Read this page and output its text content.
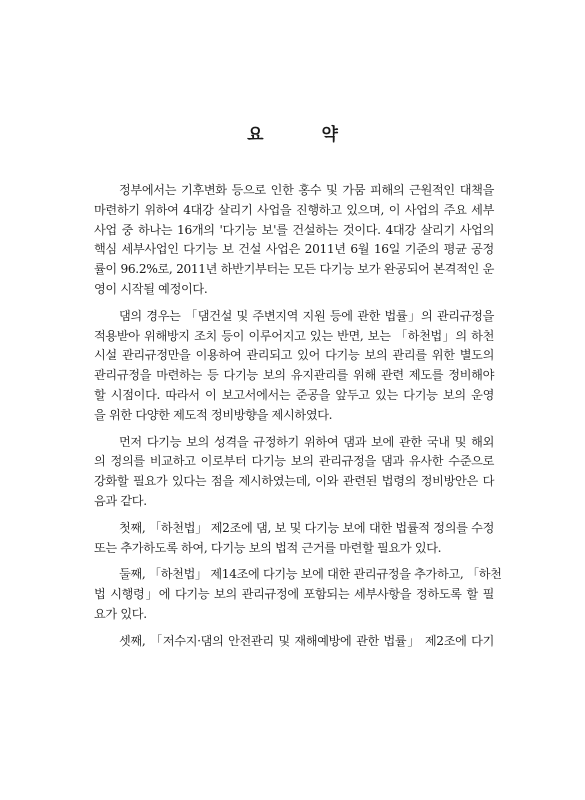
요 약
정부에서는 기후변화 등으로 인한 홍수 및 가뭄 피해의 근원적인 대책을
마련하기 위하여 4대강 살리기 사업을 진행하고 있으며, 이 사업의 주요 세부
사업 중 하나는 16개의 '다기능 보'를 건설하는 것이다. 4대강 살리기 사업의
핵심 세부사업인 다기능 보 건설 사업은 2011년 6월 16일 기준의 평균 공정
률이 96.2%로, 2011년 하반기부터는 모든 다기능 보가 완공되어 본격적인 운
영이 시작될 예정이다.
댐의 경우는 「댐건설 및 주변지역 지원 등에 관한 법률」의 관리규정을
적용받아 위해방지 조치 등이 이루어지고 있는 반면, 보는 「하천법」의 하천
시설 관리규정만을 이용하여 관리되고 있어 다기능 보의 관리를 위한 별도의
관리규정을 마련하는 등 다기능 보의 유지관리를 위해 관련 제도를 정비해야
할 시점이다. 따라서 이 보고서에서는 준공을 앞두고 있는 다기능 보의 운영
을 위한 다양한 제도적 정비방향을 제시하였다.
먼저 다기능 보의 성격을 규정하기 위하여 댐과 보에 관한 국내 및 해외
의 정의를 비교하고 이로부터 다기능 보의 관리규정을 댐과 유사한 수준으로
강화할 필요가 있다는 점을 제시하였는데, 이와 관련된 법령의 정비방안은 다
음과 같다.
첫째, 「하천법」 제2조에 댐, 보 및 다기능 보에 대한 법률적 정의를 수정
또는 추가하도록 하여, 다기능 보의 법적 근거를 마련할 필요가 있다.
둘째, 「하천법」 제14조에 다기능 보에 대한 관리규정을 추가하고, 「하천
법 시행령」에 다기능 보의 관리규정에 포함되는 세부사항을 정하도록 할 필
요가 있다.
셋째, 「저수지·댐의 안전관리 및 재해예방에 관한 법률」 제2조에 다기
